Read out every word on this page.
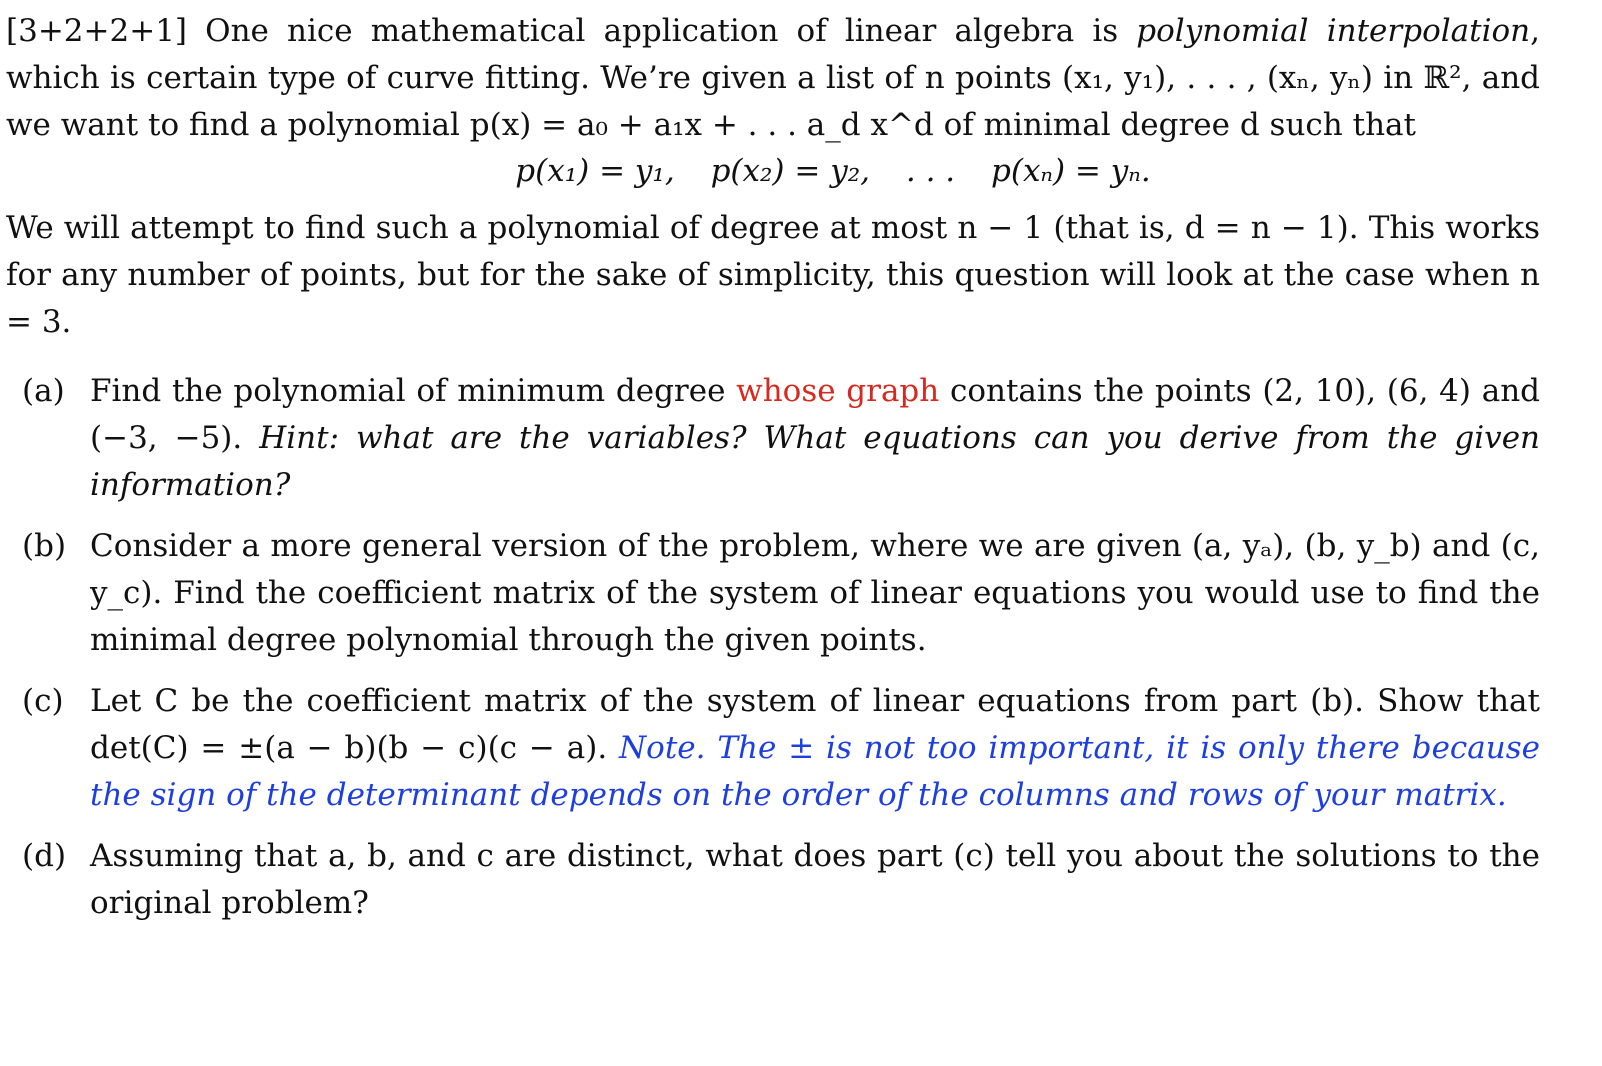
[3+2+2+1] One nice mathematical application of linear algebra is polynomial interpolation, which is certain type of curve fitting. We’re given a list of n points (x₁, y₁), . . . , (xₙ, yₙ) in ℝ², and we want to find a polynomial p(x) = a₀ + a₁x + . . . a_d x^d of minimal degree d such that

p(x₁) = y₁, p(x₂) = y₂, . . . p(xₙ) = yₙ.

We will attempt to find such a polynomial of degree at most n − 1 (that is, d = n − 1). This works for any number of points, but for the sake of simplicity, this question will look at the case when n = 3.

(a) Find the polynomial of minimum degree whose graph contains the points (2, 10), (6, 4) and (−3, −5). Hint: what are the variables? What equations can you derive from the given information?
(b) Consider a more general version of the problem, where we are given (a, yₐ), (b, y_b) and (c, y_c). Find the coefficient matrix of the system of linear equations you would use to find the minimal degree polynomial through the given points.
(c) Let C be the coefficient matrix of the system of linear equations from part (b). Show that det(C) = ±(a − b)(b − c)(c − a). Note. The ± is not too important, it is only there because the sign of the determinant depends on the order of the columns and rows of your matrix.
(d) Assuming that a, b, and c are distinct, what does part (c) tell you about the solutions to the original problem?
